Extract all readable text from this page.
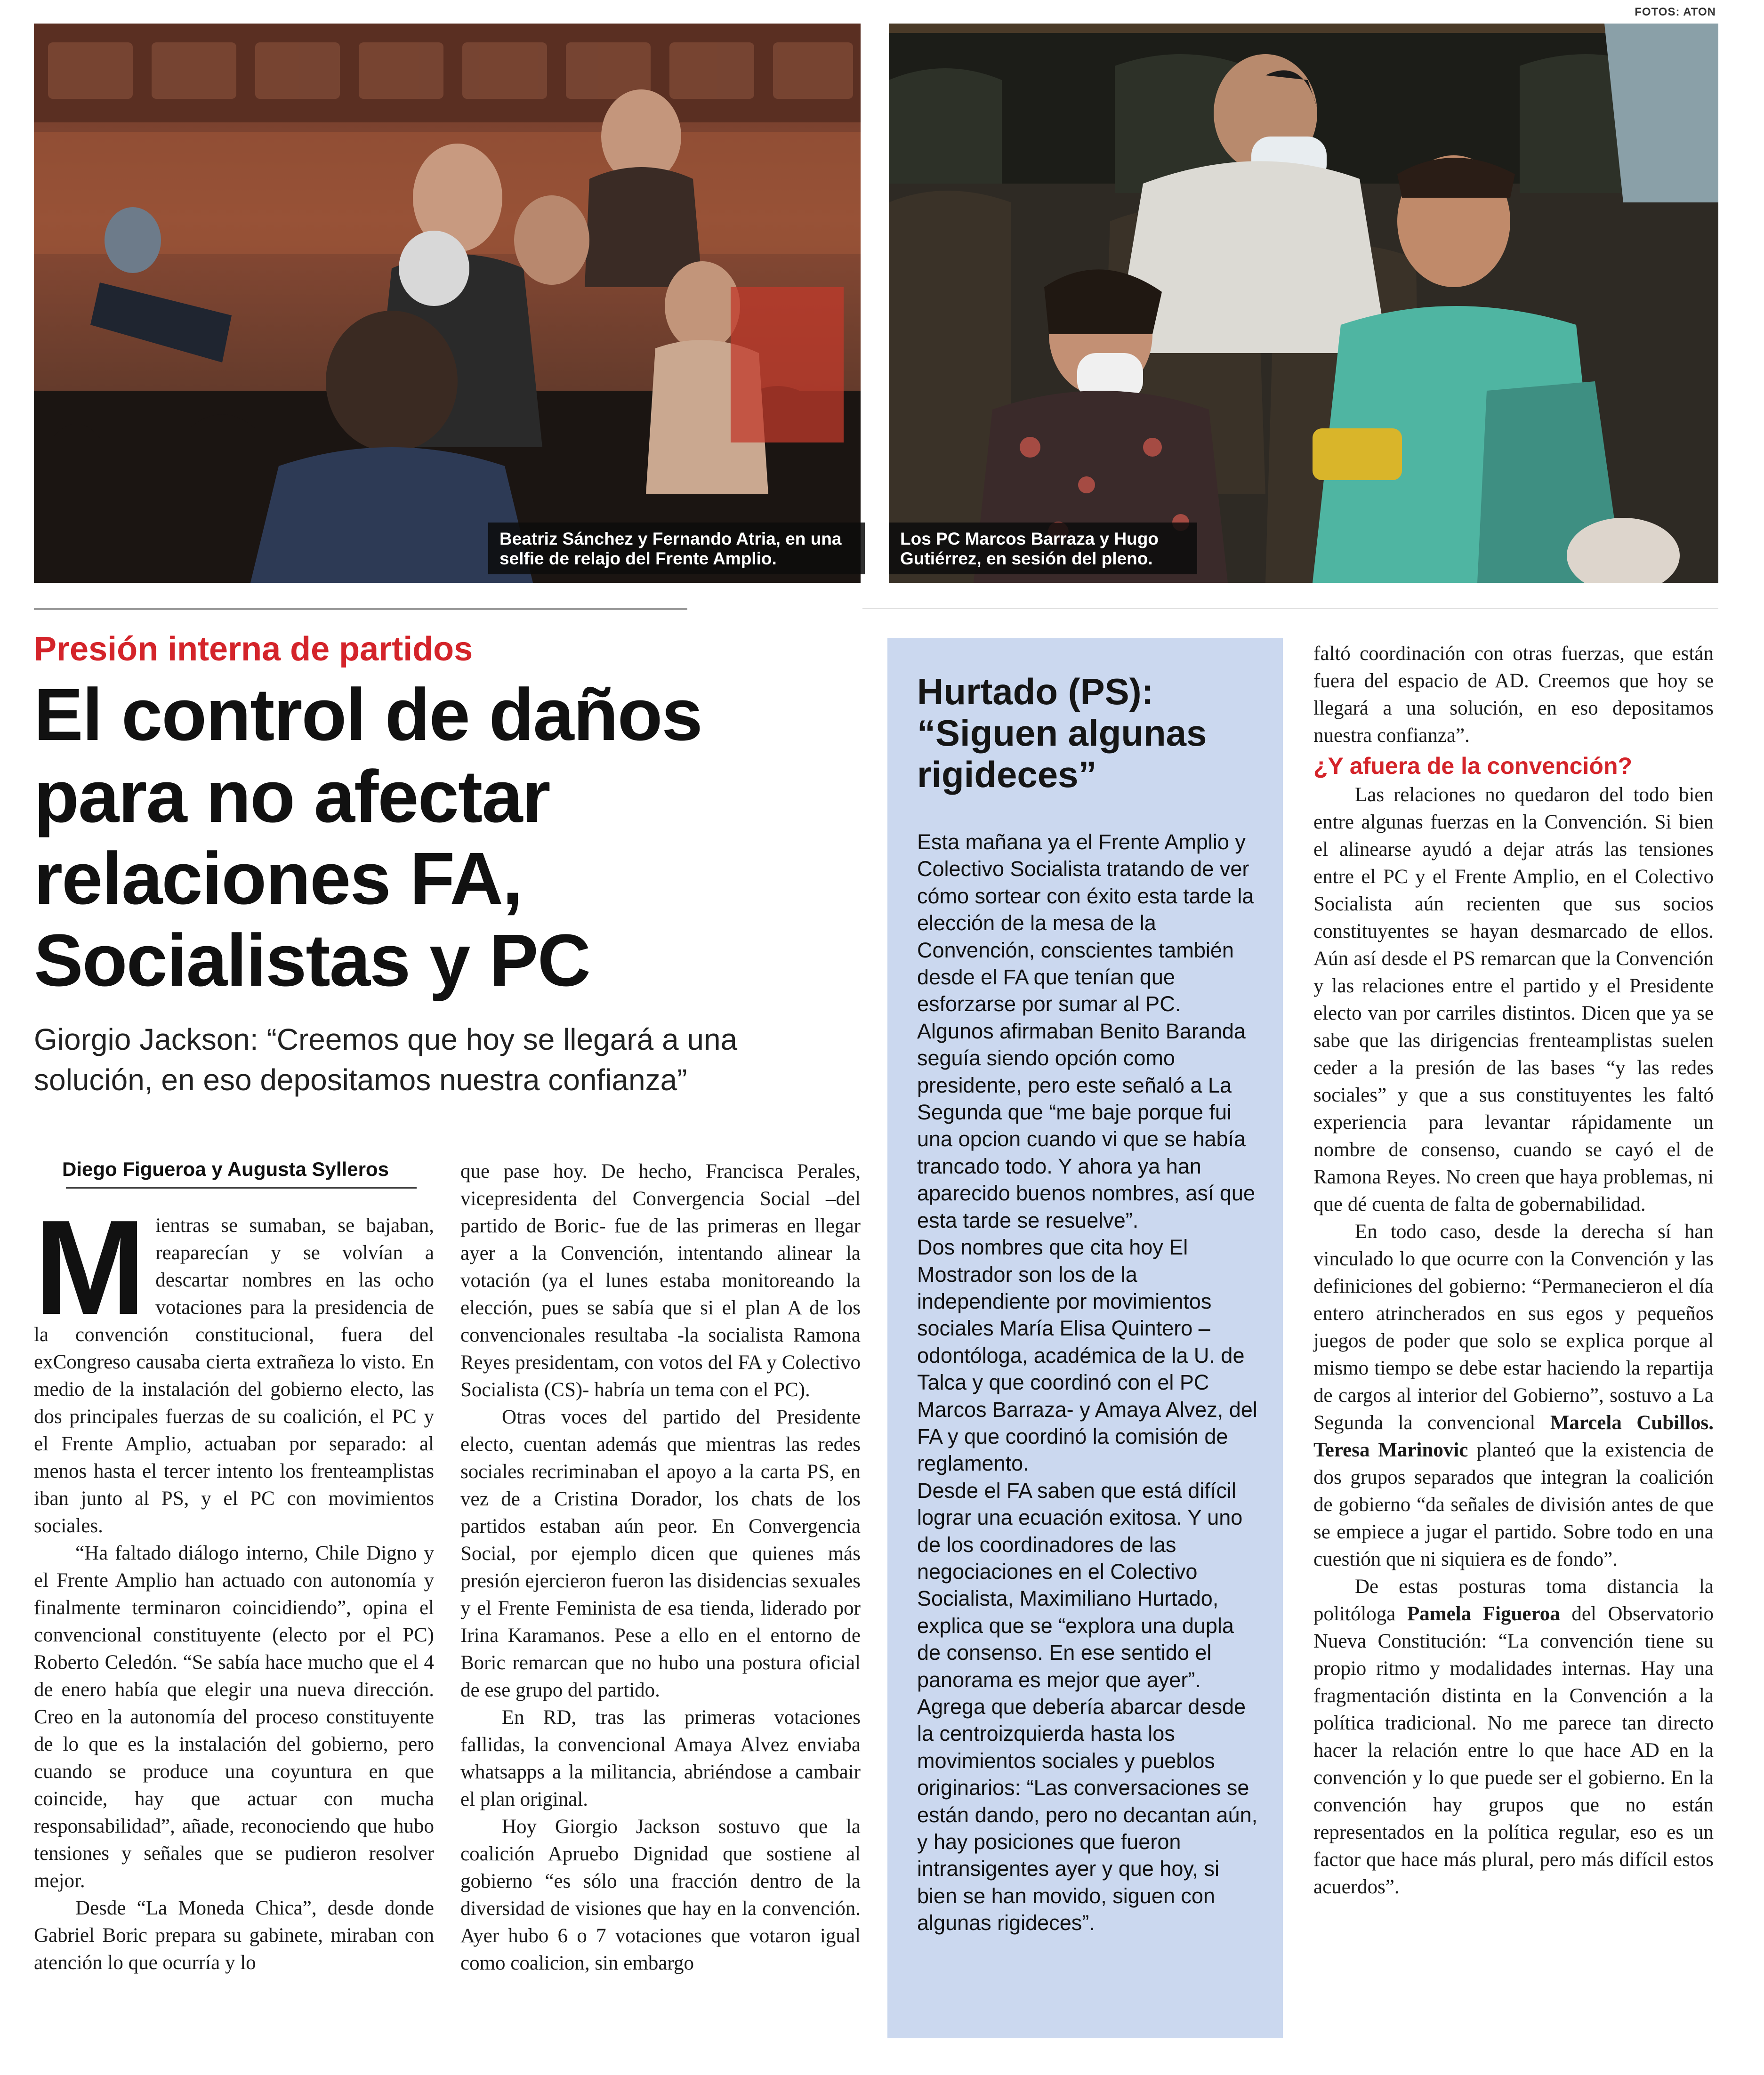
FOTOS: ATON
Beatriz Sánchez y Fernando Atria, en una selfie de relajo del Frente Amplio.
Los PC Marcos Barraza y Hugo Gutiérrez, en sesión del pleno.
Presión interna de partidos
El control de daños para no afectar relaciones FA, Socialistas y PC
Giorgio Jackson: “Creemos que hoy se llegará a una solución, en eso depositamos nuestra confianza”
Diego Figueroa y Augusta Sylleros

Mientras se sumaban, se bajaban, reaparecían y se volvían a descartar nombres en las ocho votaciones para la presidencia de la convención constitucional, fuera del exCongreso causaba cierta extrañeza lo visto. En medio de la instalación del gobierno electo, las dos principales fuerzas de su coalición, el PC y el Frente Amplio, actuaban por separado: al menos hasta el tercer intento los frenteamplistas iban junto al PS, y el PC con movimientos sociales.

“Ha faltado diálogo interno, Chile Digno y el Frente Amplio han actuado con autonomía y finalmente terminaron coincidiendo”, opina el convencional constituyente (electo por el PC) Roberto Celedón. “Se sabía hace mucho que el 4 de enero había que elegir una nueva dirección. Creo en la autonomía del proceso constituyente de lo que es la instalación del gobierno, pero cuando se produce una coyuntura en que coincide, hay que actuar con mucha responsabilidad”, añade, reconociendo que hubo tensiones y señales que se pudieron resolver mejor.

Desde “La Moneda Chica”, desde donde Gabriel Boric prepara su gabinete, miraban con atención lo que ocurría y lo

que pase hoy. De hecho, Francisca Perales, vicepresidenta del Convergencia Social –del partido de Boric- fue de las primeras en llegar ayer a la Convención, intentando alinear la votación (ya el lunes estaba monitoreando la elección, pues se sabía que si el plan A de los convencionales resultaba -la socialista Ramona Reyes presidentam, con votos del FA y Colectivo Socialista (CS)- habría un tema con el PC).

Otras voces del partido del Presidente electo, cuentan además que mientras las redes sociales recriminaban el apoyo a la carta PS, en vez de a Cristina Dorador, los chats de los partidos estaban aún peor. En Convergencia Social, por ejemplo dicen que quienes más presión ejercieron fueron las disidencias sexuales y el Frente Feminista de esa tienda, liderado por Irina Karamanos. Pese a ello en el entorno de Boric remarcan que no hubo una postura oficial de ese grupo del partido.

En RD, tras las primeras votaciones fallidas, la convencional Amaya Alvez enviaba whatsapps a la militancia, abriéndose a cambair el plan original.

Hoy Giorgio Jackson sostuvo que la coalición Apruebo Dignidad que sostiene al gobierno “es sólo una fracción dentro de la diversidad de visiones que hay en la convención. Ayer hubo 6 o 7 votaciones que votaron igual como coalicion, sin embargo

Hurtado (PS): “Siguen algunas rigideces”

Esta mañana ya el Frente Amplio y Colectivo Socialista tratando de ver cómo sortear con éxito esta tarde la elección de la mesa de la Convención, conscientes también desde el FA que tenían que esforzarse por sumar al PC. Algunos afirmaban Benito Baranda seguía siendo opción como presidente, pero este señaló a La Segunda que “me baje porque fui una opcion cuando vi que se había trancado todo. Y ahora ya han aparecido buenos nombres, así que esta tarde se resuelve”.

Dos nombres que cita hoy El Mostrador son los de la independiente por movimientos sociales María Elisa Quintero –odontóloga, académica de la U. de Talca y que coordinó con el PC Marcos Barraza- y Amaya Alvez, del FA y que coordinó la comisión de reglamento.

Desde el FA saben que está difícil lograr una ecuación exitosa. Y uno de los coordinadores de las negociaciones en el Colectivo Socialista, Maximiliano Hurtado, explica que se “explora una dupla de consenso. En ese sentido el panorama es mejor que ayer”.

Agrega que debería abarcar desde la centroizquierda hasta los movimientos sociales y pueblos originarios: “Las conversaciones se están dando, pero no decantan aún, y hay posiciones que fueron intransigentes ayer y que hoy, si bien se han movido, siguen con algunas rigideces”.

faltó coordinación con otras fuerzas, que están fuera del espacio de AD. Creemos que hoy se llegará a una solución, en eso depositamos nuestra confianza”.

¿Y afuera de la convención?

Las relaciones no quedaron del todo bien entre algunas fuerzas en la Convención. Si bien el alinearse ayudó a dejar atrás las tensiones entre el PC y el Frente Amplio, en el Colectivo Socialista aún recienten que sus socios constituyentes se hayan desmarcado de ellos. Aún así desde el PS remarcan que la Convención y las relaciones entre el partido y el Presidente electo van por carriles distintos. Dicen que ya se sabe que las dirigencias frenteamplistas suelen ceder a la presión de las bases “y las redes sociales” y que a sus constituyentes les faltó experiencia para levantar rápidamente un nombre de consenso, cuando se cayó el de Ramona Reyes. No creen que haya problemas, ni que dé cuenta de falta de gobernabilidad.

En todo caso, desde la derecha sí han vinculado lo que ocurre con la Convención y las definiciones del gobierno: “Permanecieron el día entero atrincherados en sus egos y pequeños juegos de poder que solo se explica porque al mismo tiempo se debe estar haciendo la repartija de cargos al interior del Gobierno”, sostuvo a La Segunda la convencional Marcela Cubillos. Teresa Marinovic planteó que la existencia de dos grupos separados que integran la coalición de gobierno “da señales de división antes de que se empiece a jugar el partido. Sobre todo en una cuestión que ni siquiera es de fondo”.

De estas posturas toma distancia la politóloga Pamela Figueroa del Observatorio Nueva Constitución: “La convención tiene su propio ritmo y modalidades internas. Hay una fragmentación distinta en la Convención a la política tradicional. No me parece tan directo hacer la relación entre lo que hace AD en la convención y lo que puede ser el gobierno. En la convención hay grupos que no están representados en la política regular, eso es un factor que hace más plural, pero más difícil estos acuerdos”.
